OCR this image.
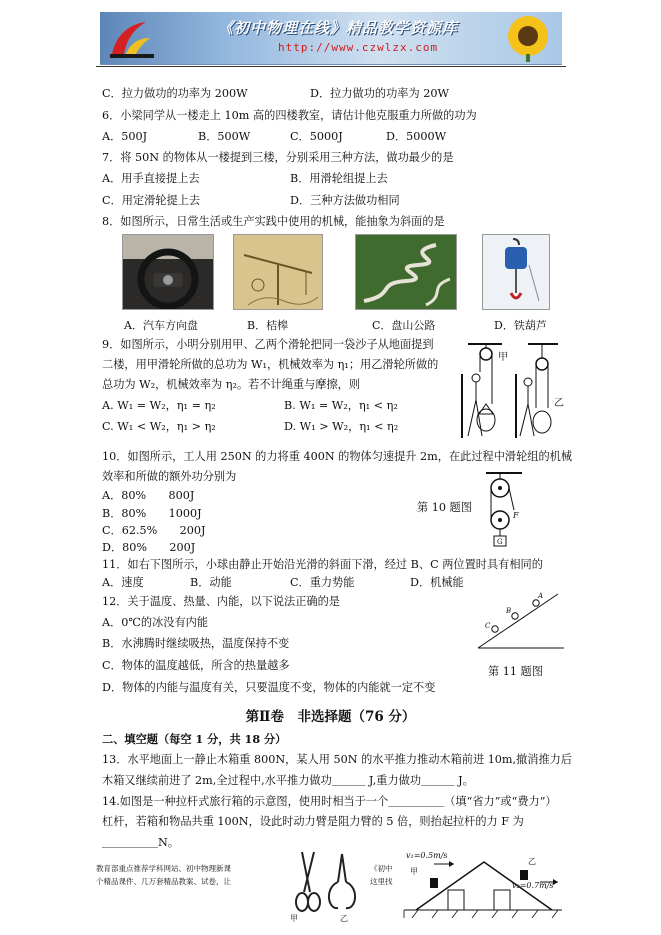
《初中物理在线》精品教学资源库
http://www.czwlzx.com
C．拉力做功的功率为 200W	D．拉力做功的功率为 20W
6．小梁同学从一楼走上 10m 高的四楼教室，请估计他克服重力所做的功为
A．500J	B．500W	C．5000J	D．5000W
7．将 50N 的物体从一楼提到三楼，分别采用三种方法，做功最少的是
A．用手直接提上去	B．用滑轮组提上去
C．用定滑轮提上去	D．三种方法做功相同
8．如图所示，日常生活或生产实践中使用的机械，能抽象为斜面的是
A．汽车方向盘	B．桔槔	C．盘山公路	D．铁葫芦
9．如图所示，小明分别用甲、乙两个滑轮把同一袋沙子从地面提到
二楼，用甲滑轮所做的总功为 W₁，机械效率为 η₁；用乙滑轮所做的
总功为 W₂，机械效率为 η₂。若不计绳重与摩擦，则
A. W₁ = W₂，η₁ = η₂	B. W₁ = W₂，η₁ < η₂
C. W₁ < W₂，η₁ > η₂	D. W₁ > W₂，η₁ < η₂
甲
乙
10．如图所示，工人用 250N 的力将重 400N 的物体匀速提升 2m，在此过程中滑轮组的机械
效率和所做的额外功分别为
A．80%　　800J
B．80%　　1000J
C．62.5%　　200J
D．80%　　200J
第 10 题图
F
G
11．如右下图所示，小球由静止开始沿光滑的斜面下滑，经过 B、C 两位置时具有相同的
A．速度	B．动能	C．重力势能	D．机械能
C
B
A
第 11 题图
12．关于温度、热量、内能，以下说法正确的是
A．0℃的冰没有内能
B．水沸腾时继续吸热，温度保持不变
C．物体的温度越低，所含的热量越多
D．物体的内能与温度有关，只要温度不变，物体的内能就一定不变
第Ⅱ卷　非选择题（76 分）
二、填空题（每空 1 分，共 18 分）
13．水平地面上一静止木箱重 800N，某人用 50N 的水平推力推动木箱前进 10m,撤消推力后
木箱又继续前进了 2m,全过程中,水平推力做功＿＿＿ J,重力做功＿＿＿ J。
14.如图是一种拉杆式旅行箱的示意图，使用时相当于一个＿＿＿＿＿（填“省力”或“费力”）
杠杆，若箱和物品共重 100N，设此时动力臂是阻力臂的 5 倍，则抬起拉杆的力 F 为
＿＿＿＿＿N。
教育部重点推荐学科网站、初中物理新课
个精品课件、几万套精品教案、试卷，让
甲	乙
《初中
这里找
v₁=0.5m/s
v₂=0.7m/s
甲
乙
